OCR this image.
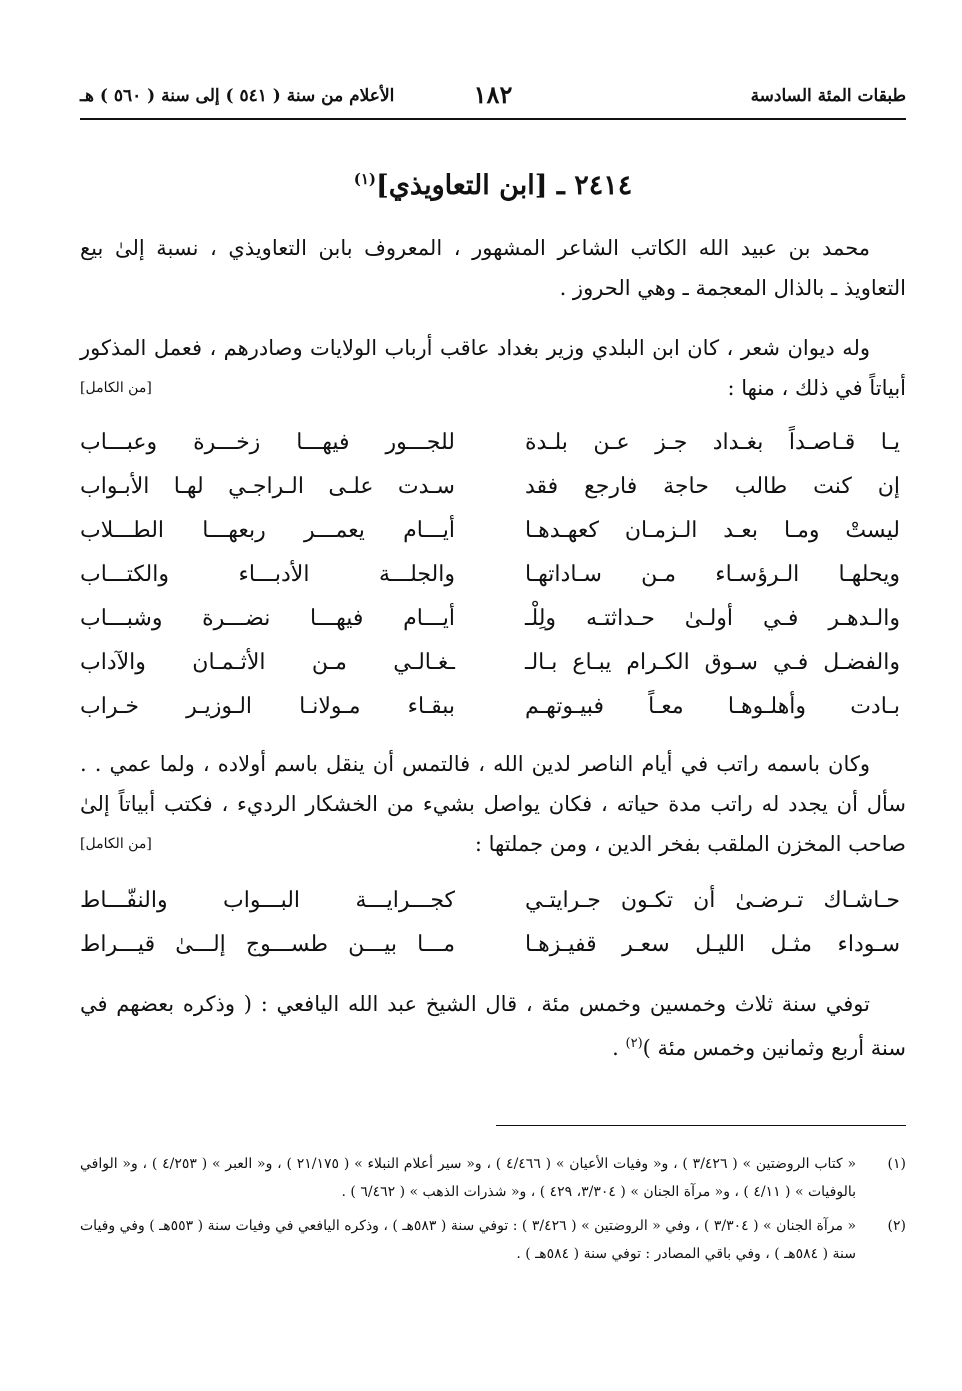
طبقات المئة السادسة
١٨٢
الأعلام من سنة ( ٥٤١ ) إلى سنة ( ٥٦٠ ) هـ
٢٤١٤ ـ [ابن التعاويذي]$^{(١)}$

محمد بن عبيد الله الكاتب الشاعر المشهور ، المعروف بابن التعاويذي ، نسبة إلىٰ بيع التعاويذ ـ بالذال المعجمة ـ وهي الحروز .

وله ديوان شعر ، كان ابن البلدي وزير بغداد عاقب أرباب الولايات وصادرهم ، فعمل المذكور أبياتاً في ذلك ، منها :
[من الكامل]

يـا قـاصـداً بغـداد جـز عـن بلـدة
للجـــور فيهـــا زخـــرة وعبـــاب
إن كنت طالب حاجة فارجع فقد
سـدت علـى الـراجـي لهـا الأبـواب
ليستْ ومـا بعـد الـزمـان كعهـدهـا
أيـــام يعمـــر ربعهـــا الطـــلاب
ويحلهـا الـرؤسـاء مـن سـاداتهـا
والجلـــة الأدبـــاء والكتـــاب
والـدهـر فـي أولـىٰ حـداثتـه ولِلْـ
أيـــام فيهـــا نضـــرة وشبـــاب
والفضـل فـي سـوق الكـرام يبـاع بـالـ
ـغـالـي مـن الأثـمـان والآداب
بـادت وأهلـوهـا معـاً فبيـوتهـم
ببقـاء مـولانـا الـوزيـر خـراب

وكان باسمه راتب في أيام الناصر لدين الله ، فالتمس أن ينقل باسم أولاده ، ولما عمي . . سأل أن يجدد له راتب مدة حياته ، فكان يواصل بشيء من الخشكار الرديء ، فكتب أبياتاً إلىٰ صاحب المخزن الملقب بفخر الدين ، ومن جملتها :
[من الكامل]

حـاشـاك تـرضـىٰ أن تكـون جـرايتـي
كجـــرايـــة البـــواب والنفّـــاط
سـوداء مثـل الليـل سعـر قفيـزهـا
مـــا بيـــن طســـوج إلـــىٰ قيـــراط

توفي سنة ثلاث وخمسين وخمس مئة ، قال الشيخ عبد الله اليافعي : ( وذكره بعضهم في سنة أربع وثمانين وخمس مئة )$^{(٢)}$ .

(١)
« كتاب الروضتين » ( ٣/٤٢٦ ) ، و« وفيات الأعيان » ( ٤/٤٦٦ ) ، و« سير أعلام النبلاء » ( ٢١/١٧٥ ) ، و« العبر » ( ٤/٢٥٣ ) ، و« الوافي بالوفيات » ( ٤/١١ ) ، و« مرآة الجنان » ( ٣/٣٠٤، ٤٢٩ ) ، و« شذرات الذهب » ( ٦/٤٦٢ ) .
(٢)
« مرآة الجنان » ( ٣/٣٠٤ ) ، وفي « الروضتين » ( ٣/٤٢٦ ) : توفي سنة ( ٥٨٣هـ ) ، وذكره اليافعي في وفيات سنة ( ٥٥٣هـ ) وفي وفيات سنة ( ٥٨٤هـ ) ، وفي باقي المصادر : توفي سنة ( ٥٨٤هـ ) .
